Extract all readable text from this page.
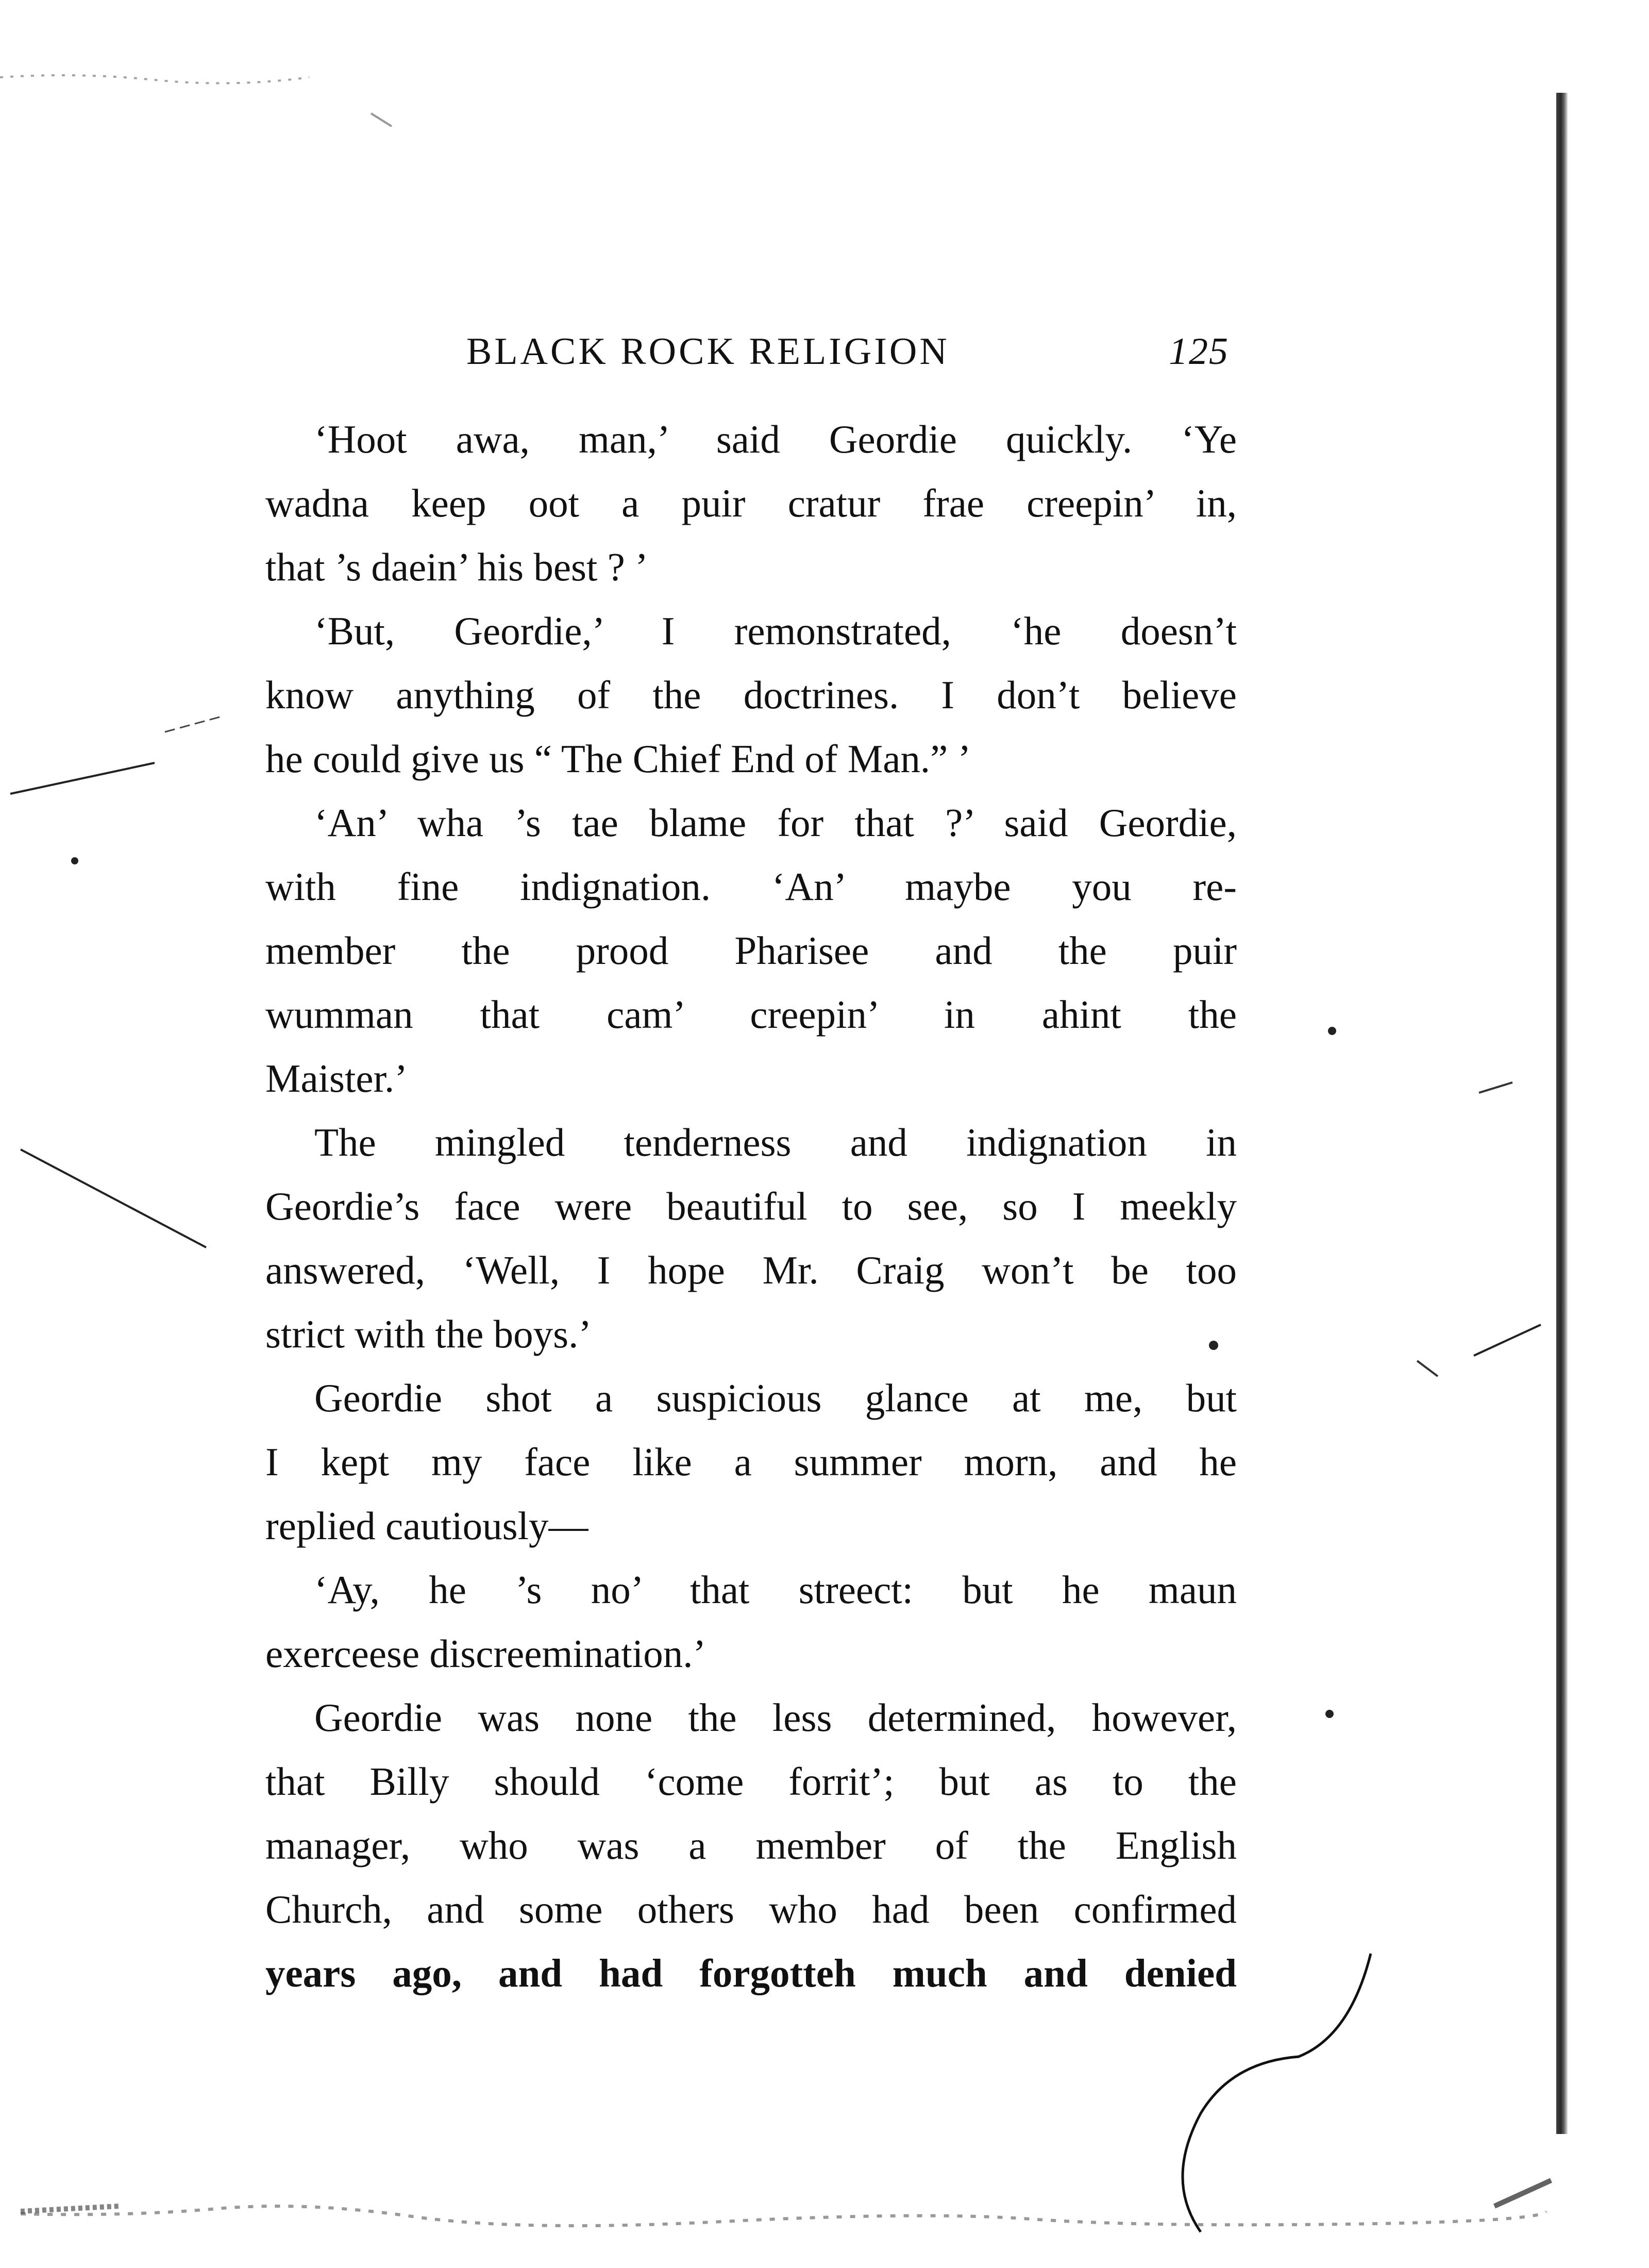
BLACK ROCK RELIGION	125
‘Hoot awa, man,’ said Geordie quickly. ‘Ye
wadna keep oot a puir cratur frae creepin’ in,
that ’s daein’ his best ? ’
‘But, Geordie,’ I remonstrated, ‘he doesn’t
know anything of the doctrines. I don’t believe
he could give us “ The Chief End of Man.” ’
‘An’ wha ’s tae blame for that ?’ said Geordie,
with fine indignation. ‘An’ maybe you re-
member the prood Pharisee and the puir
wumman that cam’ creepin’ in ahint the
Maister.’
The mingled tenderness and indignation in
Geordie’s face were beautiful to see, so I meekly
answered, ‘Well, I hope Mr. Craig won’t be too
strict with the boys.’
Geordie shot a suspicious glance at me, but
I kept my face like a summer morn, and he
replied cautiously—
‘Ay, he ’s no’ that streect: but he maun
exerceese discreemination.’
Geordie was none the less determined, however,
that Billy should ‘come forrit’; but as to the
manager, who was a member of the English
Church, and some others who had been confirmed
years ago, and had forgotteh much and denied
